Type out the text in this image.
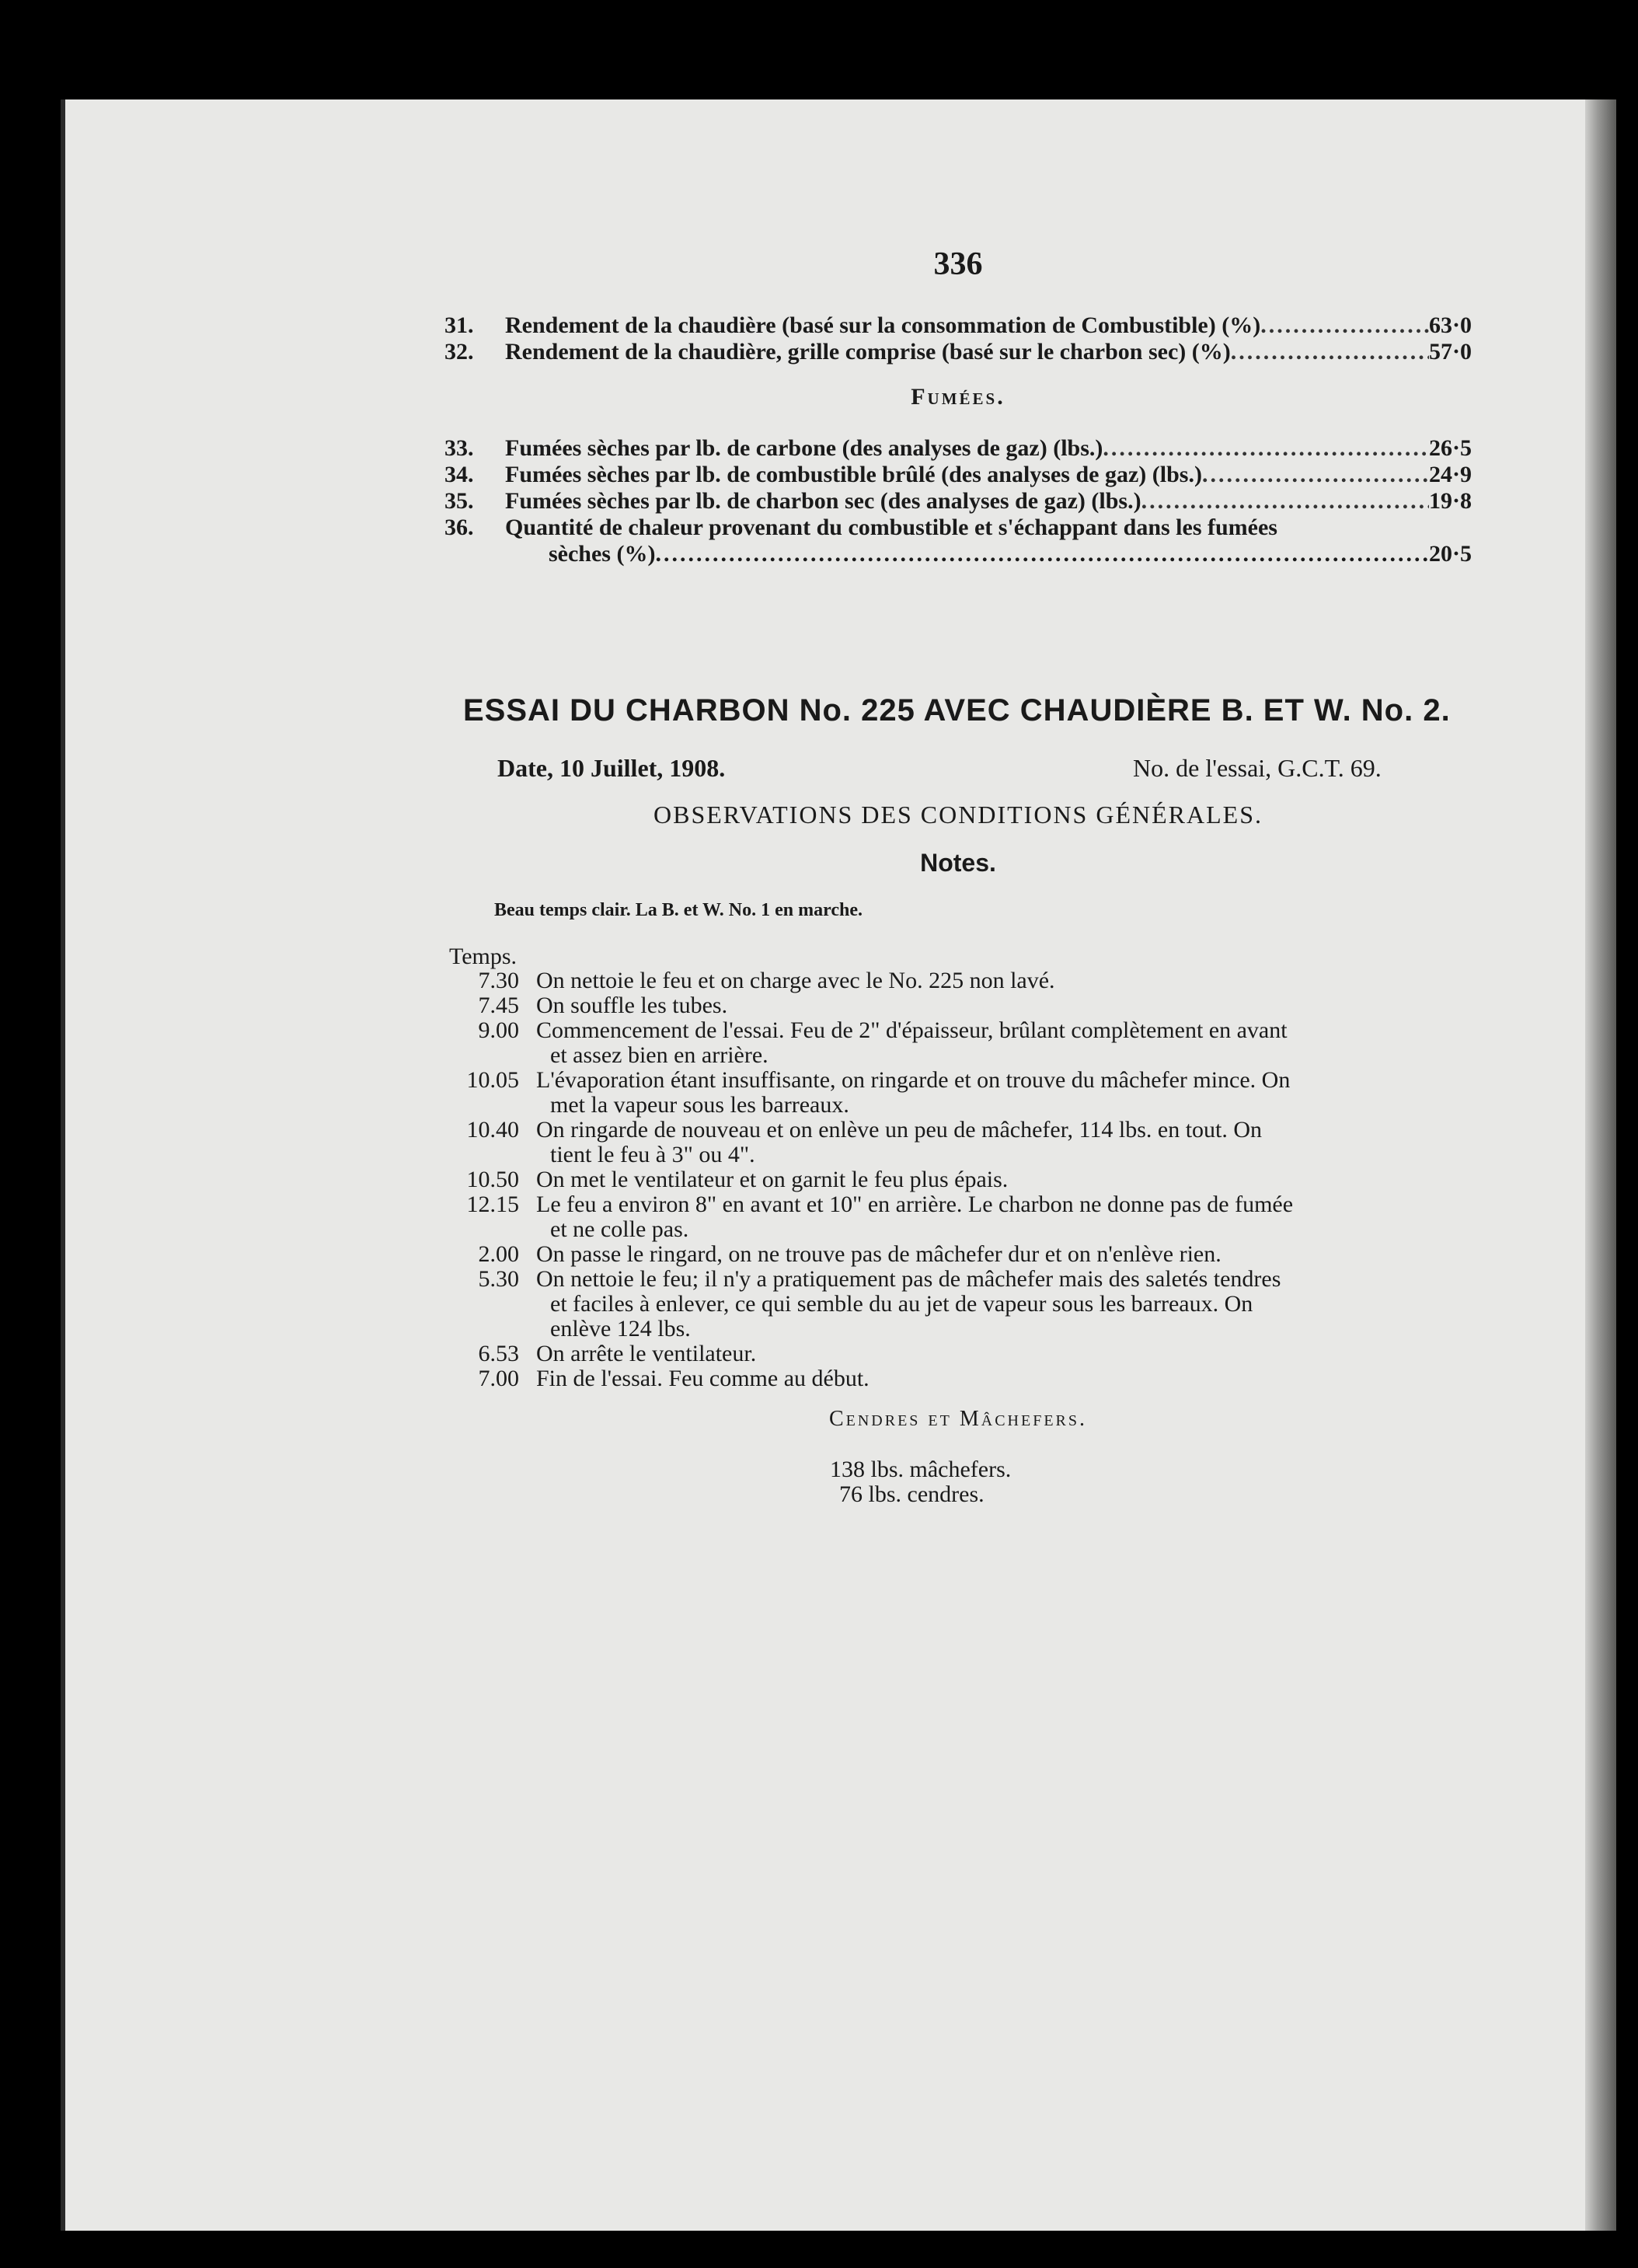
336
31.	Rendement de la chaudière (basé sur la consommation de Combustible) (%) .....	63·0
32.	Rendement de la chaudière, grille comprise (basé sur le charbon sec) (%) .....	57·0
Fumées.
33.	Fumées sèches par lb. de carbone (des analyses de gaz) (lbs.) .....	26·5
34.	Fumées sèches par lb. de combustible brûlé (des analyses de gaz) (lbs.) .....	24·9
35.	Fumées sèches par lb. de charbon sec (des analyses de gaz) (lbs.) .....	19·8
36.	Quantité de chaleur provenant du combustible et s'échappant dans les fumées
sèches (%) .....	20·5
ESSAI DU CHARBON No. 225 AVEC CHAUDIÈRE B. ET W. No. 2.
Date, 10 Juillet, 1908.	No. de l'essai, G.C.T. 69.
OBSERVATIONS DES CONDITIONS GÉNÉRALES.
Notes.
Beau temps clair. La B. et W. No. 1 en marche.
Temps.
7.30 On nettoie le feu et on charge avec le No. 225 non lavé.
7.45 On souffle les tubes.
9.00 Commencement de l'essai. Feu de 2" d'épaisseur, brûlant complètement en avant
et assez bien en arrière.
10.05 L'évaporation étant insuffisante, on ringarde et on trouve du mâchefer mince. On
met la vapeur sous les barreaux.
10.40 On ringarde de nouveau et on enlève un peu de mâchefer, 114 lbs. en tout. On
tient le feu à 3" ou 4".
10.50 On met le ventilateur et on garnit le feu plus épais.
12.15 Le feu a environ 8" en avant et 10" en arrière. Le charbon ne donne pas de fumée
et ne colle pas.
2.00 On passe le ringard, on ne trouve pas de mâchefer dur et on n'enlève rien.
5.30 On nettoie le feu; il n'y a pratiquement pas de mâchefer mais des saletés tendres
et faciles à enlever, ce qui semble du au jet de vapeur sous les barreaux. On
enlève 124 lbs.
6.53 On arrête le ventilateur.
7.00 Fin de l'essai. Feu comme au début.
Cendres et Mâchefers.
138 lbs. mâchefers.
76 lbs. cendres.
